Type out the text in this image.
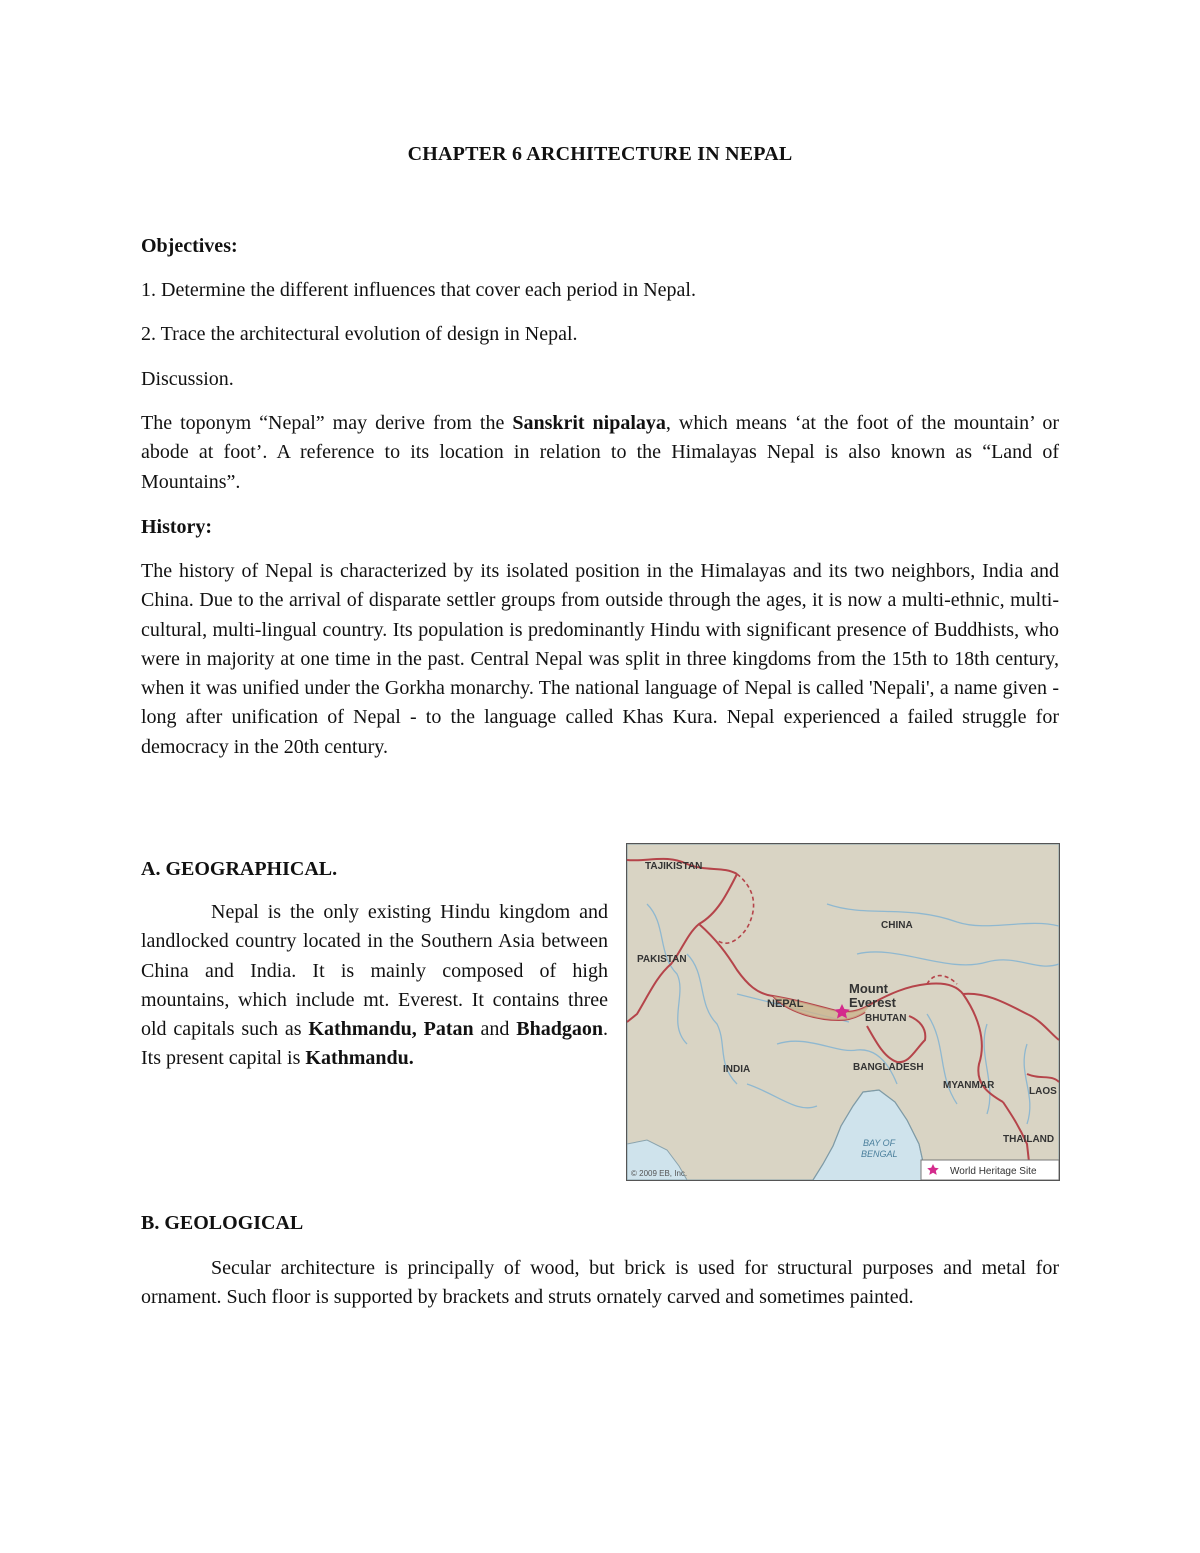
CHAPTER 6 ARCHITECTURE IN NEPAL
Objectives:
1. Determine the different influences that cover each period in Nepal.
2. Trace the architectural evolution of design in Nepal.
Discussion.

The toponym “Nepal” may derive from the Sanskrit nipalaya, which means ‘at the foot of the mountain’ or abode at foot’. A reference to its location in relation to the Himalayas Nepal is also known as “Land of Mountains”.

History:

The history of Nepal is characterized by its isolated position in the Himalayas and its two neighbors, India and China. Due to the arrival of disparate settler groups from outside through the ages, it is now a multi-ethnic, multi-cultural, multi-lingual country. Its population is predominantly Hindu with significant presence of Buddhists, who were in majority at one time in the past. Central Nepal was split in three kingdoms from the 15th to 18th century, when it was unified under the Gorkha monarchy. The national language of Nepal is called 'Nepali', a name given - long after unification of Nepal - to the language called Khas Kura. Nepal experienced a failed struggle for democracy in the 20th century.

A. GEOGRAPHICAL.

Nepal is the only existing Hindu kingdom and landlocked country located in the Southern Asia between China and India. It is mainly composed of high mountains, which include mt. Everest. It contains three old capitals such as Kathmandu, Patan and Bhadgaon. Its present capital is Kathmandu.

TAJIKISTAN
CHINA
PAKISTAN
NEPAL
Mount
Everest
BHUTAN
INDIA	BANGLADESH
MYANMAR
LAOS
THAILAND
BAY OF
BENGAL
© 2009 EB, Inc.	World Heritage Site
B. GEOLOGICAL

Secular architecture is principally of wood, but brick is used for structural purposes and metal for ornament. Such floor is supported by brackets and struts ornately carved and sometimes painted.
